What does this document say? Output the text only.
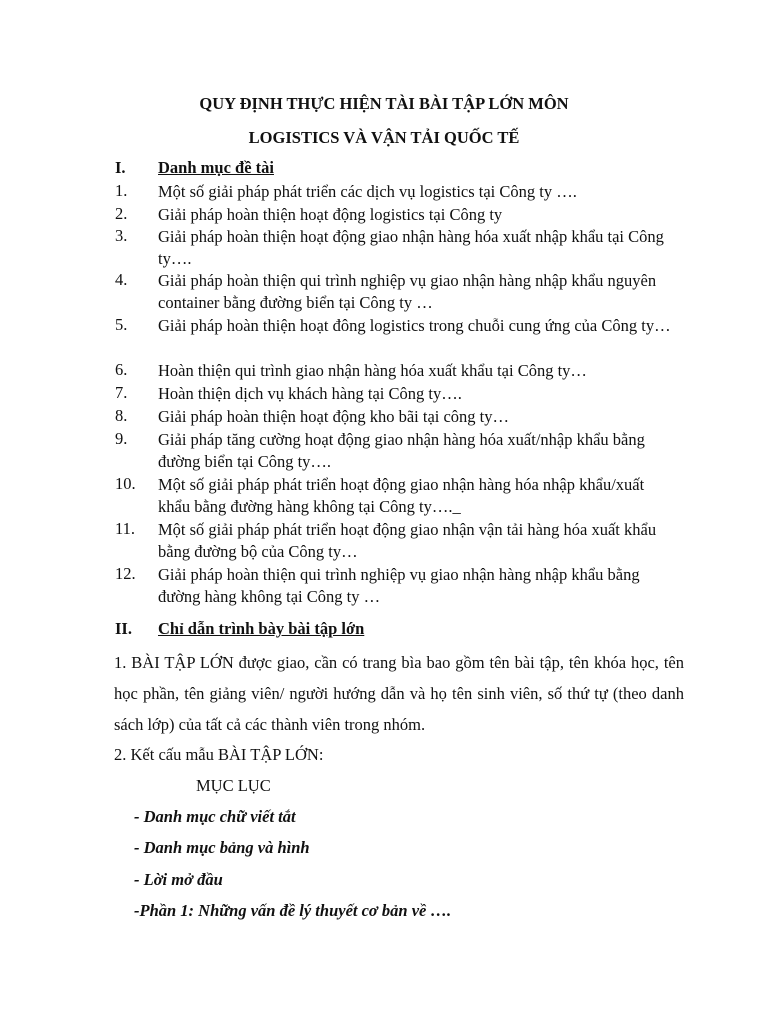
QUY ĐỊNH THỰC HIỆN TÀI BÀI TẬP LỚN MÔN
LOGISTICS VÀ VẬN TẢI QUỐC TẾ
I. Danh mục đề tài
1.	Một số giải pháp phát triển các dịch vụ logistics tại Công ty ….
2.	Giải pháp hoàn thiện hoạt động logistics tại Công ty
3.	Giải pháp hoàn thiện hoạt động giao nhận hàng hóa xuất nhập khẩu tại Công ty….
4.	Giải pháp hoàn thiện qui trình nghiệp vụ giao nhận hàng nhập khẩu nguyên container bằng đường biển tại Công ty …
5.	Giải pháp hoàn thiện hoạt đông logistics trong chuỗi cung ứng của Công ty…
6.	Hoàn thiện qui trình giao nhận hàng hóa xuất khẩu tại Công ty…
7.	Hoàn thiện dịch vụ khách hàng tại Công ty….
8.	Giải pháp hoàn thiện hoạt động kho bãi tại công ty…
9.	Giải pháp tăng cường hoạt động giao nhận hàng hóa xuất/nhập khẩu bằng đường biển tại Công ty….
10.	Một số giải pháp phát triển hoạt động giao nhận hàng hóa nhập khẩu/xuất khẩu bằng đường hàng không tại Công ty…._
11.	Một số giải pháp phát triển hoạt động giao nhận vận tải hàng hóa xuất khẩu bằng đường bộ của Công ty…
12.	Giải pháp hoàn thiện qui trình nghiệp vụ giao nhận hàng nhập khẩu bằng đường hàng không tại Công ty …
II. Chỉ dẫn trình bày bài tập lớn
1. BÀI TẬP LỚN được giao, cần có trang bìa bao gồm tên bài tập, tên khóa học, tên học phần, tên giảng viên/ người hướng dẫn và họ tên sinh viên, số thứ tự (theo danh sách lớp) của tất cả các thành viên trong nhóm.
2. Kết cấu mẫu BÀI TẬP LỚN:
MỤC LỤC
- Danh mục chữ viết tắt
- Danh mục bảng và hình
- Lời mở đầu
-Phần 1: Những vấn đề lý thuyết cơ bản về ….
